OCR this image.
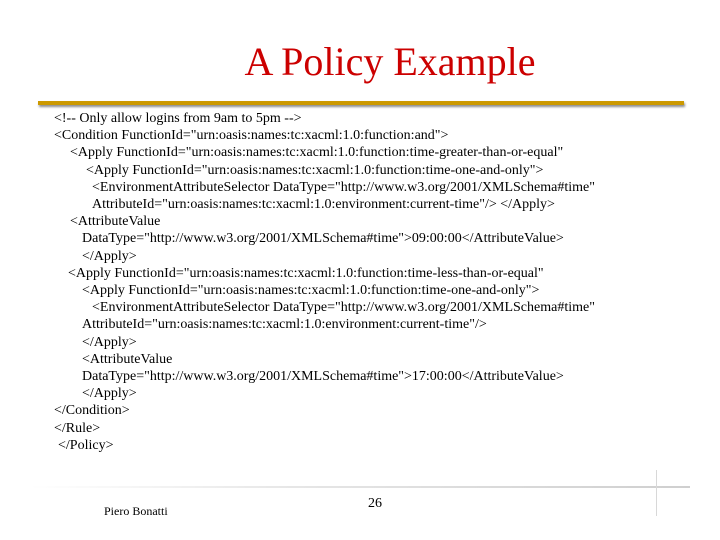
A Policy Example
<!-- Only allow logins from 9am to 5pm -->
<Condition FunctionId="urn:oasis:names:tc:xacml:1.0:function:and">
<Apply FunctionId="urn:oasis:names:tc:xacml:1.0:function:time-greater-than-or-equal"
<Apply FunctionId="urn:oasis:names:tc:xacml:1.0:function:time-one-and-only">
<EnvironmentAttributeSelector DataType="http://www.w3.org/2001/XMLSchema#time"
AttributeId="urn:oasis:names:tc:xacml:1.0:environment:current-time"/> </Apply>
<AttributeValue
DataType="http://www.w3.org/2001/XMLSchema#time">09:00:00</AttributeValue>
</Apply>
<Apply FunctionId="urn:oasis:names:tc:xacml:1.0:function:time-less-than-or-equal"
<Apply FunctionId="urn:oasis:names:tc:xacml:1.0:function:time-one-and-only">
<EnvironmentAttributeSelector DataType="http://www.w3.org/2001/XMLSchema#time"
AttributeId="urn:oasis:names:tc:xacml:1.0:environment:current-time"/>
</Apply>
<AttributeValue
DataType="http://www.w3.org/2001/XMLSchema#time">17:00:00</AttributeValue>
</Apply>
</Condition>
</Rule>
</Policy>
Piero Bonatti	26
